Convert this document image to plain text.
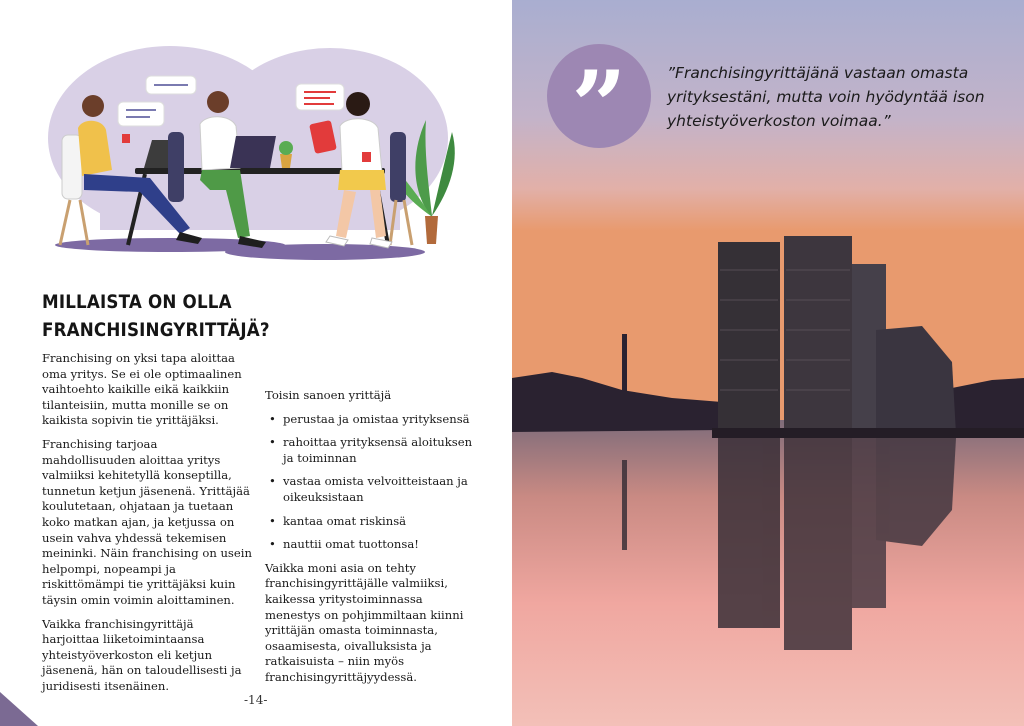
MILLAISTA ON OLLA
FRANCHISINGYRITTÄJÄ?

Franchising on yksi tapa aloittaa oma yritys. Se ei ole optimaalinen vaihtoehto kaikille eikä kaikkiin tilanteisiin, mutta monille se on kaikista sopivin tie yrittäjäksi.

Franchising tarjoaa mahdollisuuden aloittaa yritys valmiiksi kehitetyllä konseptilla, tunnetun ketjun jäsenenä. Yrittäjää koulutetaan, ohjataan ja tuetaan koko matkan ajan, ja ketjussa on usein vahva yhdessä tekemisen meininki. Näin franchising on usein helpompi, nopeampi ja riskittömämpi tie yrittäjäksi kuin täysin omin voimin aloittaminen.

Vaikka franchisingyrittäjä harjoittaa liiketoimintaansa yhteistyöverkoston eli ketjun jäsenenä, hän on taloudellisesti ja juridisesti itsenäinen.

Toisin sanoen yrittäjä

• perustaa ja omistaa yrityksensä
• rahoittaa yrityksensä aloituksen ja toiminnan
• vastaa omista velvoitteistaan ja oikeuksistaan
• kantaa omat riskinsä
• nauttii omat tuottonsa!

Vaikka moni asia on tehty franchisingyrittäjälle valmiiksi, kaikessa yritystoiminnassa menestys on pohjimmiltaan kiinni yrittäjän omasta toiminnasta, osaamisesta, oivalluksista ja ratkaisuista – niin myös franchisingyrittäjyydessä.

-14-
”	”Franchisingyrittäjänä vastaan omasta yrityksestäni, mutta voin hyödyntää ison yhteistyöverkoston voimaa.”
